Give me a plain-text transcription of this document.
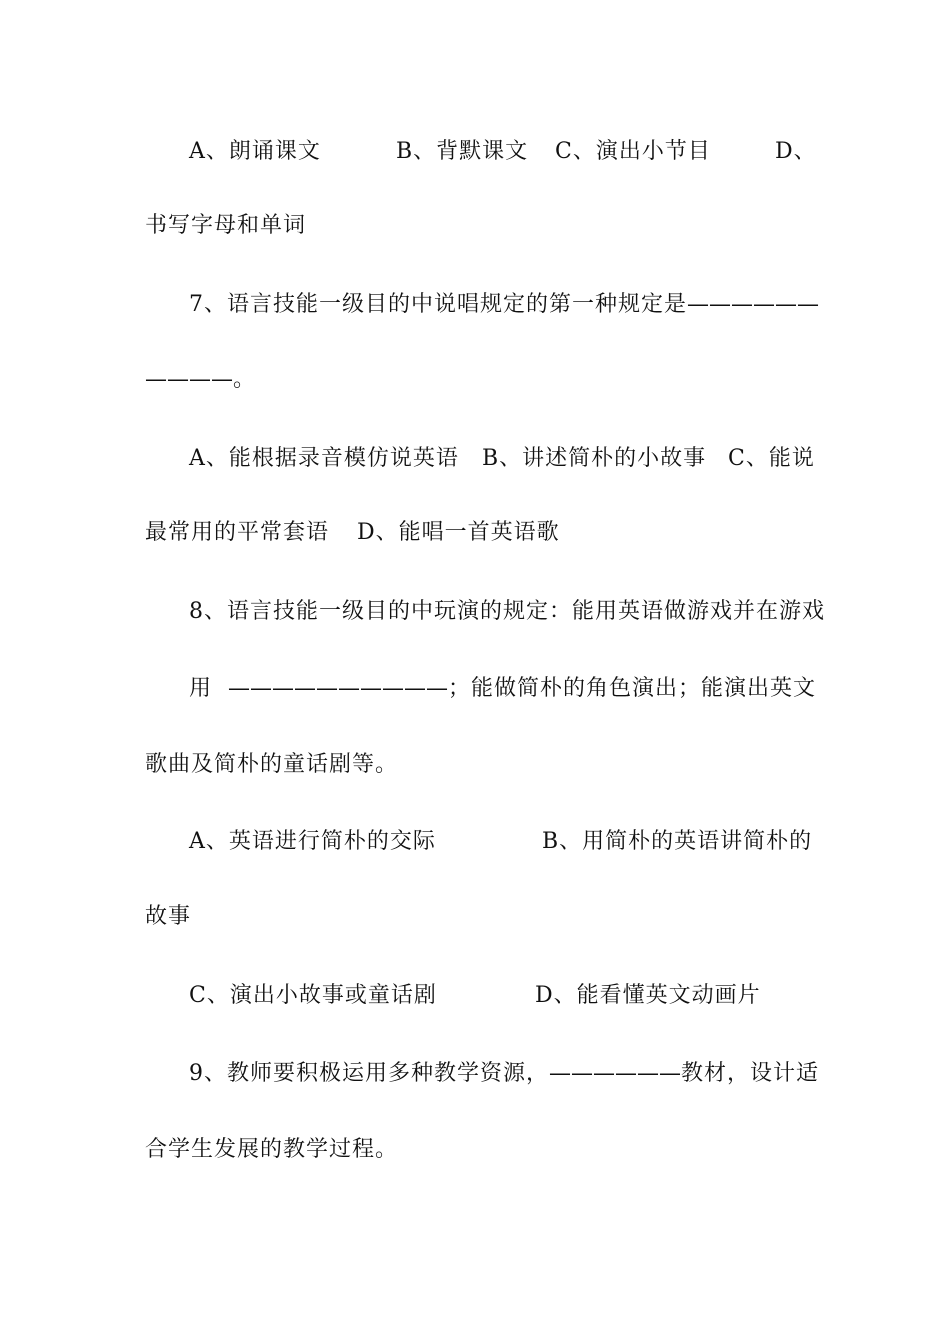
A、朗诵课文	B、背默课文 C、演出小节目	D、
书写字母和单词
7、语言技能一级目的中说唱规定的第一种规定是——————
————。
A、能根据录音模仿说英语 B、讲述简朴的小故事 C、能说
最常用的平常套语 D、能唱一首英语歌
8、语言技能一级目的中玩演的规定：能用英语做游戏并在游戏
用 ——————————；能做简朴的角色演出；能演出英文
歌曲及简朴的童话剧等。
A、英语进行简朴的交际	B、用简朴的英语讲简朴的
故事
C、演出小故事或童话剧	D、能看懂英文动画片
9、教师要积极运用多种教学资源，——————教材，设计适
合学生发展的教学过程。
